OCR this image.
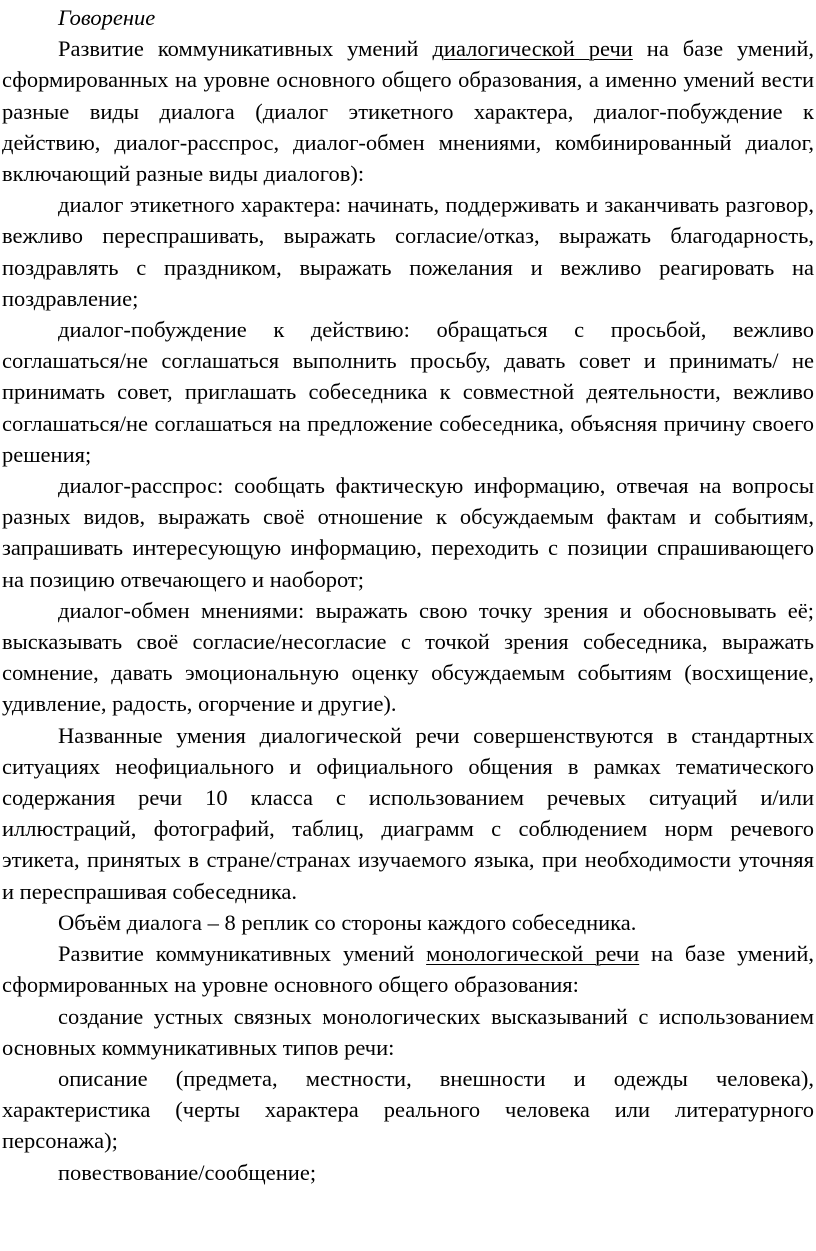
Говорение

Развитие коммуникативных умений диалогической речи на базе умений, сформированных на уровне основного общего образования, а именно умений вести разные виды диалога (диалог этикетного характера, диалог-побуждение к действию, диалог-расспрос, диалог-обмен мнениями, комбинированный диалог, включающий разные виды диалогов):

диалог этикетного характера: начинать, поддерживать и заканчивать разговор, вежливо переспрашивать, выражать согласие/отказ, выражать благодарность, поздравлять с праздником, выражать пожелания и вежливо реагировать на поздравление;

диалог-побуждение к действию: обращаться с просьбой, вежливо соглашаться/не соглашаться выполнить просьбу, давать совет и принимать/ не принимать совет, приглашать собеседника к совместной деятельности, вежливо соглашаться/не соглашаться на предложение собеседника, объясняя причину своего решения;

диалог-расспрос: сообщать фактическую информацию, отвечая на вопросы разных видов, выражать своё отношение к обсуждаемым фактам и событиям, запрашивать интересующую информацию, переходить с позиции спрашивающего на позицию отвечающего и наоборот;

диалог-обмен мнениями: выражать свою точку зрения и обосновывать её; высказывать своё согласие/несогласие с точкой зрения собеседника, выражать сомнение, давать эмоциональную оценку обсуждаемым событиям (восхищение, удивление, радость, огорчение и другие).

Названные умения диалогической речи совершенствуются в стандартных ситуациях неофициального и официального общения в рамках тематического содержания речи 10 класса с использованием речевых ситуаций и/или иллюстраций, фотографий, таблиц, диаграмм с соблюдением норм речевого этикета, принятых в стране/странах изучаемого языка, при необходимости уточняя и переспрашивая собеседника.

Объём диалога – 8 реплик со стороны каждого собеседника.

Развитие коммуникативных умений монологической речи на базе умений, сформированных на уровне основного общего образования:

создание устных связных монологических высказываний с использованием основных коммуникативных типов речи:

описание (предмета, местности, внешности и одежды человека), характеристика (черты характера реального человека или литературного персонажа);

повествование/сообщение;
